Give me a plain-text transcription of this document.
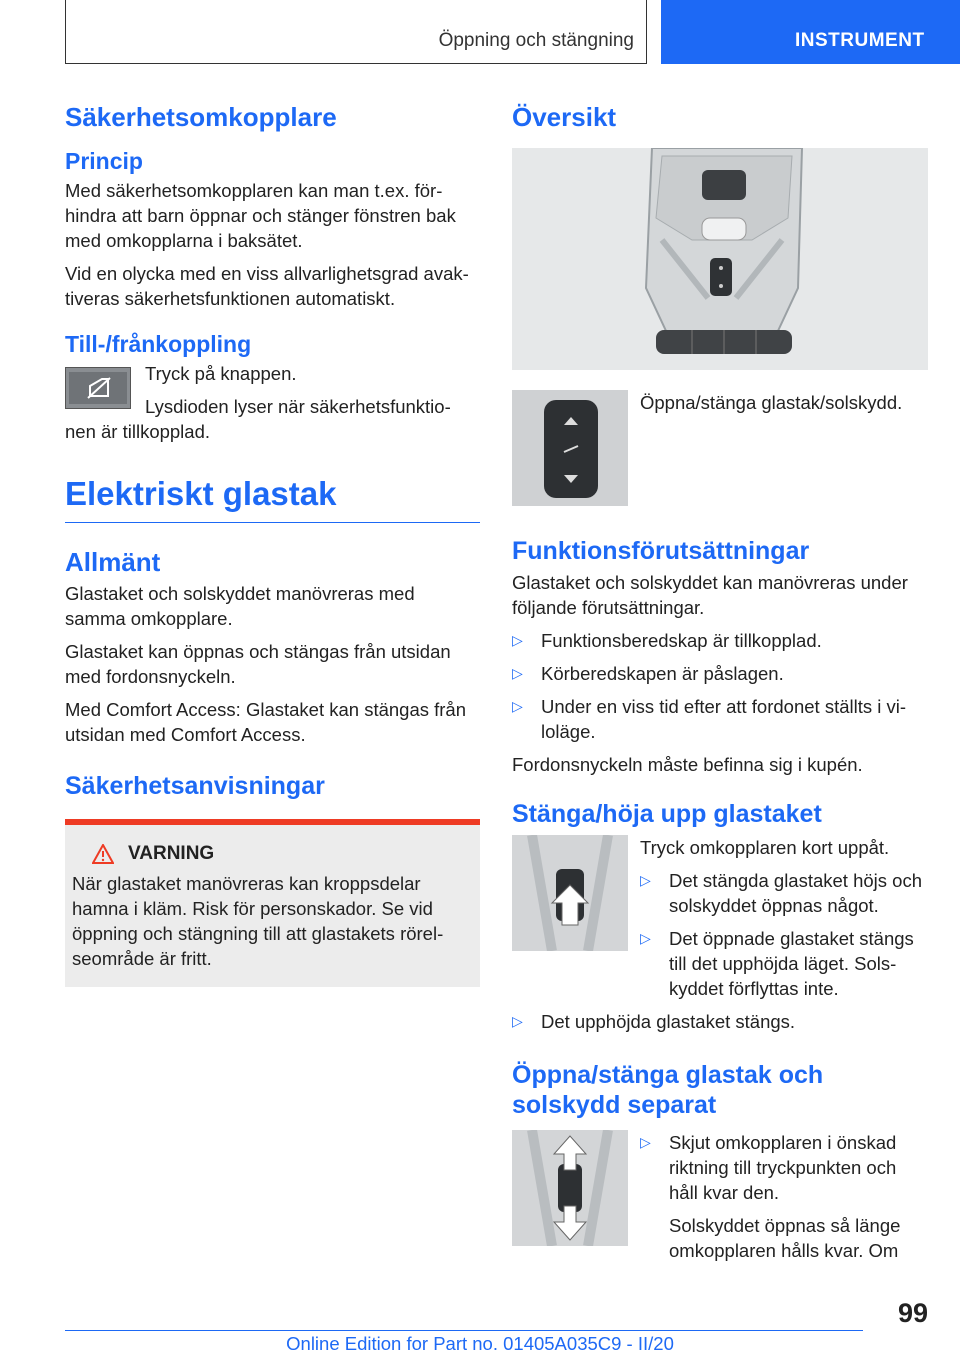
Öppning och stängning	INSTRUMENT
Säkerhetsomkopplare
Princip

Med säkerhetsomkopplaren kan man t.ex. för-hindra att barn öppnar och stänger fönstren bak med omkopplarna i baksätet.

Vid en olycka med en viss allvarlighetsgrad avak-tiveras säkerhetsfunktionen automatiskt.

Till-/frånkoppling

Tryck på knappen.

Lysdioden lyser när säkerhetsfunktio-nen är tillkopplad.

Elektriskt glastak
Allmänt

Glastaket och solskyddet manövreras med samma omkopplare.

Glastaket kan öppnas och stängas från utsidan med fordonsnyckeln.

Med Comfort Access: Glastaket kan stängas från utsidan med Comfort Access.

Säkerhetsanvisningar
VARNING

När glastaket manövreras kan kroppsdelar hamna i kläm. Risk för personskador. Se vid öppning och stängning till att glastakets rörel-seområde är fritt.

Översikt

Öppna/stänga glastak/solskydd.

Funktionsförutsättningar

Glastaket och solskyddet kan manövreras under följande förutsättningar.

▷ Funktionsberedskap är tillkopplad.
▷ Körberedskapen är påslagen.
▷ Under en viss tid efter att fordonet ställts i vi-loläge.

Fordonsnyckeln måste befinna sig i kupén.

Stänga/höja upp glastaket

Tryck omkopplaren kort uppåt.

▷ Det stängda glastaket höjs och solskyddet öppnas något.
▷ Det öppnade glastaket stängs till det upphöjda läget. Sols-kyddet förflyttas inte.
▷ Det upphöjda glastaket stängs.
Öppna/stänga glastak och solskydd separat
▷ Skjut omkopplaren i önskad riktning till tryckpunkten och håll kvar den.

Solskyddet öppnas så länge omkopplaren hålls kvar. Om

99
Online Edition for Part no. 01405A035C9 - II/20
